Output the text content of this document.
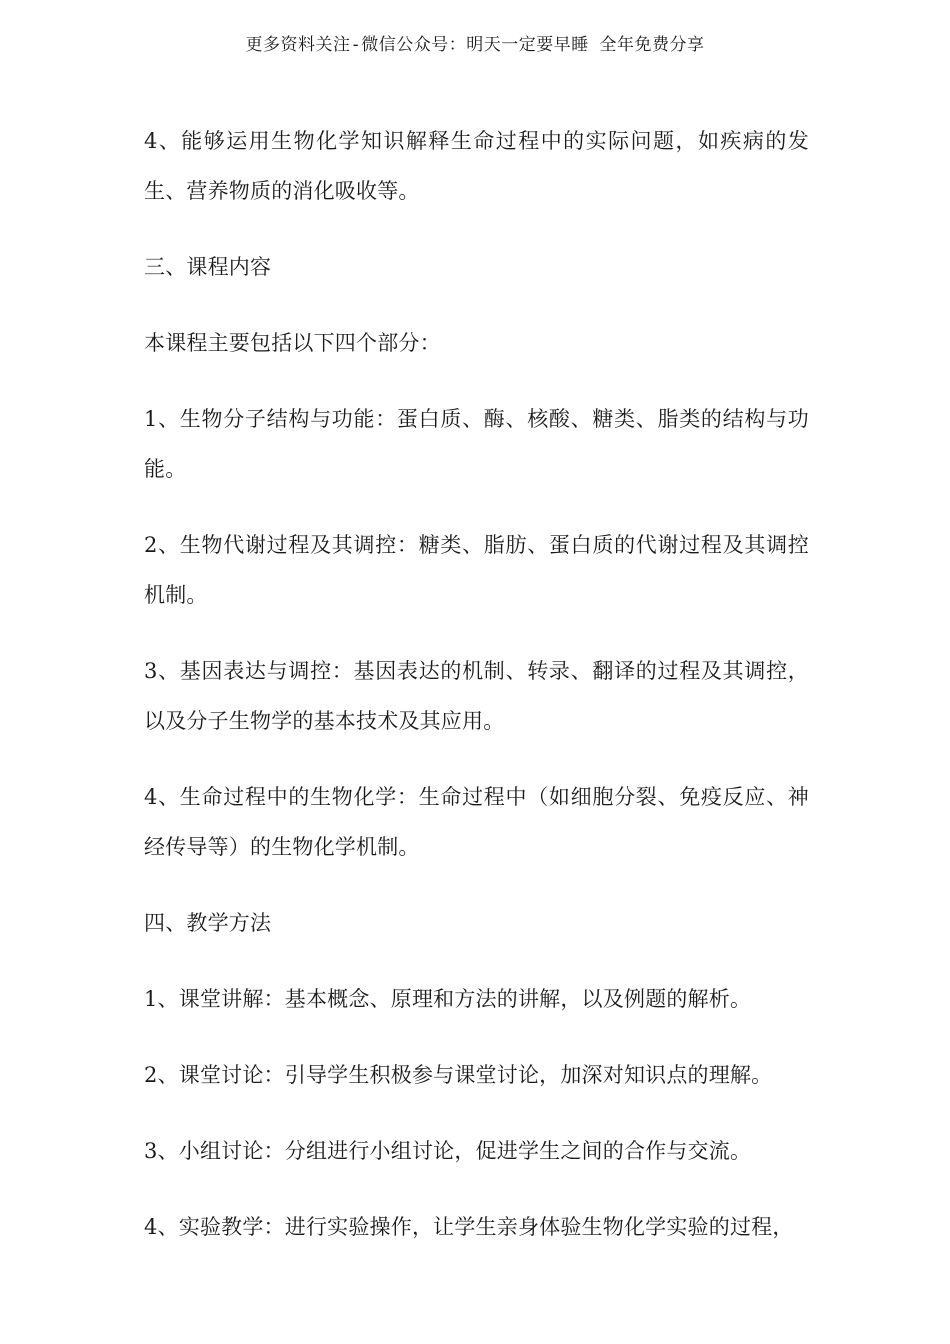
更多资料关注-微信公众号：明天一定要早睡 全年免费分享

4、能够运用生物化学知识解释生命过程中的实际问题，如疾病的发生、营养物质的消化吸收等。

三、课程内容

本课程主要包括以下四个部分：

1、生物分子结构与功能：蛋白质、酶、核酸、糖类、脂类的结构与功能。

2、生物代谢过程及其调控：糖类、脂肪、蛋白质的代谢过程及其调控机制。

3、基因表达与调控：基因表达的机制、转录、翻译的过程及其调控，以及分子生物学的基本技术及其应用。

4、生命过程中的生物化学：生命过程中（如细胞分裂、免疫反应、神经传导等）的生物化学机制。

四、教学方法

1、课堂讲解：基本概念、原理和方法的讲解，以及例题的解析。

2、课堂讨论：引导学生积极参与课堂讨论，加深对知识点的理解。

3、小组讨论：分组进行小组讨论，促进学生之间的合作与交流。

4、实验教学：进行实验操作，让学生亲身体验生物化学实验的过程，
